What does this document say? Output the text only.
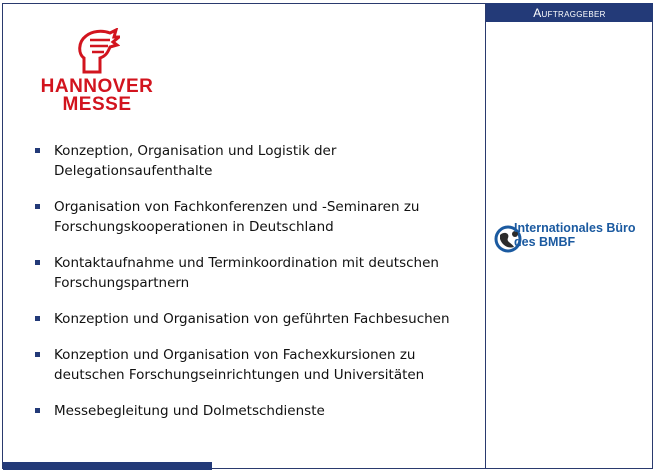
Auftraggeber
HANNOVER
MESSE
Konzeption, Organisation und Logistik der Delegationsaufenthalte
Organisation von Fachkonferenzen und -Seminaren zu Forschungskooperationen in Deutschland
Kontaktaufnahme und Terminkoordination mit deutschen Forschungspartnern
Konzeption und Organisation von geführten Fachbesuchen
Konzeption und Organisation von Fachexkursionen zu deutschen Forschungseinrichtungen und Universitäten
Messebegleitung und Dolmetschdienste
Internationales Büro
des BMBF
